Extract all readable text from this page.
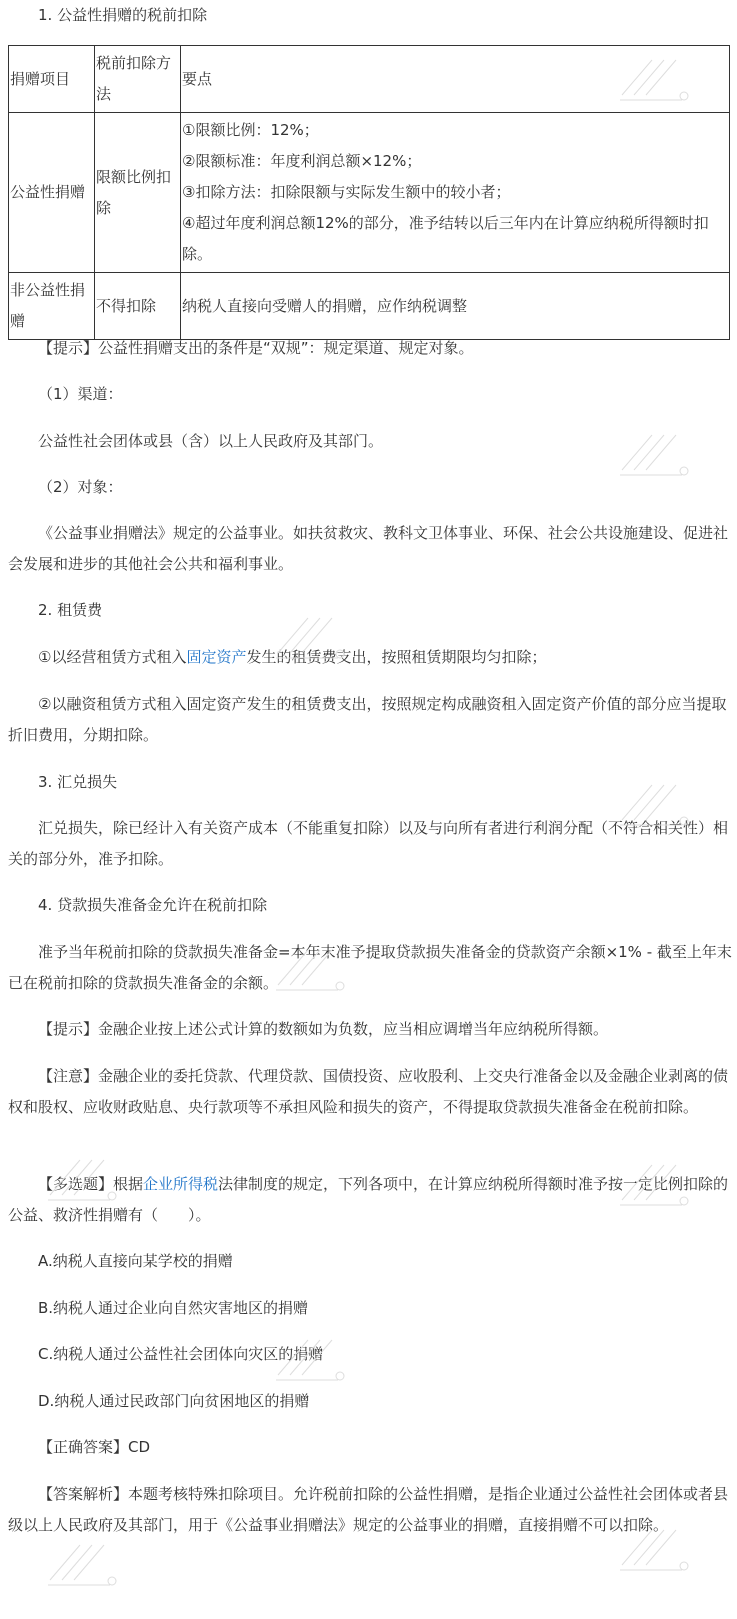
1. 公益性捐赠的税前扣除
捐赠项目	税前扣除方法	要点
公益性捐赠	限额比例扣除	①限额比例：12%；
②限额标准：年度利润总额×12%；
③扣除方法：扣除限额与实际发生额中的较小者；
④超过年度利润总额12%的部分，准予结转以后三年内在计算应纳税所得额时扣除。

非公益性捐赠	不得扣除	纳税人直接向受赠人的捐赠，应作纳税调整

【提示】公益性捐赠支出的条件是“双规”：规定渠道、规定对象。

（1）渠道：

公益性社会团体或县（含）以上人民政府及其部门。

（2）对象：

《公益事业捐赠法》规定的公益事业。如扶贫救灾、教科文卫体事业、环保、社会公共设施建设、促进社会发展和进步的其他社会公共和福利事业。

2. 租赁费

①以经营租赁方式租入固定资产发生的租赁费支出，按照租赁期限均匀扣除；

②以融资租赁方式租入固定资产发生的租赁费支出，按照规定构成融资租入固定资产价值的部分应当提取折旧费用，分期扣除。

3. 汇兑损失

汇兑损失，除已经计入有关资产成本（不能重复扣除）以及与向所有者进行利润分配（不符合相关性）相关的部分外，准予扣除。

4. 贷款损失准备金允许在税前扣除

准予当年税前扣除的贷款损失准备金=本年末准予提取贷款损失准备金的贷款资产余额×1% - 截至上年末已在税前扣除的贷款损失准备金的余额。

【提示】金融企业按上述公式计算的数额如为负数，应当相应调增当年应纳税所得额。

【注意】金融企业的委托贷款、代理贷款、国债投资、应收股利、上交央行准备金以及金融企业剥离的债权和股权、应收财政贴息、央行款项等不承担风险和损失的资产，不得提取贷款损失准备金在税前扣除。

【多选题】根据企业所得税法律制度的规定，下列各项中，在计算应纳税所得额时准予按一定比例扣除的公益、救济性捐赠有（　　）。

A.纳税人直接向某学校的捐赠

B.纳税人通过企业向自然灾害地区的捐赠

C.纳税人通过公益性社会团体向灾区的捐赠

D.纳税人通过民政部门向贫困地区的捐赠

【正确答案】CD

【答案解析】本题考核特殊扣除项目。允许税前扣除的公益性捐赠，是指企业通过公益性社会团体或者县级以上人民政府及其部门，用于《公益事业捐赠法》规定的公益事业的捐赠，直接捐赠不可以扣除。
